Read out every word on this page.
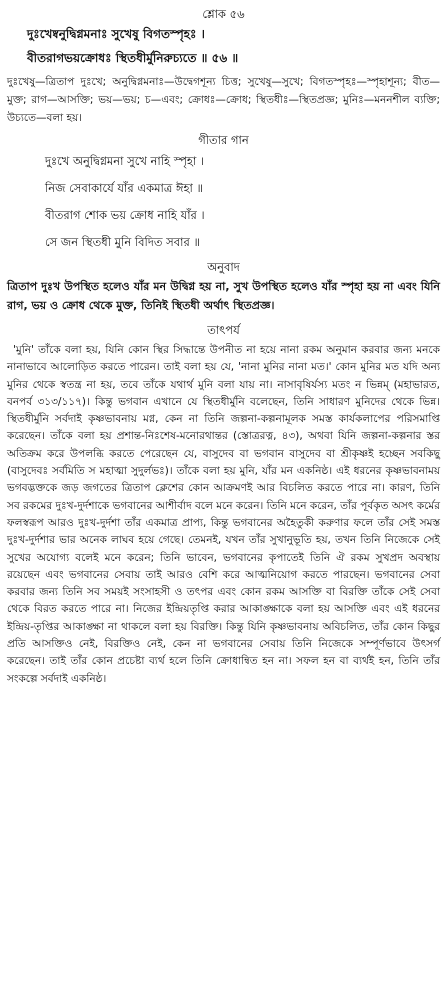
শ্লোক ৫৬
দুঃখেষ্বনুদ্বিগ্নমনাঃ সুখেষু বিগতস্পৃহঃ ।
বীতরাগভয়ক্রোধঃ স্থিতধীর্মুনিরুচ্যতে ॥ ৫৬ ॥
দুঃখেষু—ত্রিতাপ দুঃখে; অনুদ্বিগ্নমনাঃ—উদ্বেগশূন্য চিত্ত; সুখেষু—সুখে; বিগতস্পৃহঃ—স্পৃহাশূন্য; বীত—মুক্ত; রাগ—আসক্তি; ভয়—ভয়; চ—এবং; ক্রোধঃ—ক্রোধ; স্থিতধীঃ—স্থিতপ্রজ্ঞ; মুনিঃ—মননশীল ব্যক্তি; উচ্যতে—বলা হয়।
গীতার গান
দুঃখে অনুদ্বিগ্নমনা সুখে নাহি স্পৃহা ।
নিজ সেবাকার্যে যাঁর একমাত্র ঈহা ॥
বীতরাগ শোক ভয় ক্রোধ নাহি যাঁর ।
সে জন স্থিতধী মুনি বিদিত সবার ॥
অনুবাদ
ত্রিতাপ দুঃখ উপস্থিত হলেও যাঁর মন উদ্বিগ্ন হয় না, সুখ উপস্থিত হলেও যাঁর স্পৃহা হয় না এবং যিনি রাগ, ভয় ও ক্রোধ থেকে মুক্ত, তিনিই স্থিতধী অর্থাৎ স্থিতপ্রজ্ঞ।
তাৎপর্য
'মুনি' তাঁকে বলা হয়, যিনি কোন স্থির সিদ্ধান্তে উপনীত না হয়ে নানা রকম অনুমান করবার জন্য মনকে নানাভাবে আলোড়িত করতে পারেন। তাই বলা হয় যে, 'নানা মুনির নানা মত।' কোন মুনির মত যদি অন্য মুনির থেকে স্বতন্ত্র না হয়, তবে তাঁকে যথার্থ মুনি বলা যায় না। নাসাবৃষির্যস্য মতং ন ভিন্নম্ (মহাভারত, বনপর্ব ৩১৩/১১৭)। কিন্তু ভগবান এখানে যে স্থিতধীর্মুনি বলেছেন, তিনি সাধারণ মুনিদের থেকে ভিন্ন। স্থিতধীর্মুনি সর্বদাই কৃষ্ণভাবনায় মগ্ন, কেন না তিনি জল্পনা-কল্পনামূলক সমস্ত কার্যকলাপের পরিসমাপ্তি করেছেন। তাঁকে বলা হয় প্রশান্ত-নিঃশেষ-মনোরথান্তর (স্তোত্ররত্ন, ৪৩), অথবা যিনি জল্পনা-কল্পনার স্তর অতিক্রম করে উপলব্ধি করতে পেরেছেন যে, বাসুদেব বা ভগবান বাসুদেব বা শ্রীকৃষ্ণই হচ্ছেন সবকিছু (বাসুদেবঃ সর্বমিতি স মহাত্মা সুদুর্লভঃ)। তাঁকে বলা হয় মুনি, যাঁর মন একনিষ্ঠ। এই ধরনের কৃষ্ণভাবনাময় ভগবদ্ভক্তকে জড় জগতের ত্রিতাপ ক্লেশের কোন আক্রমণই আর বিচলিত করতে পারে না। কারণ, তিনি সব রকমের দুঃখ-দুর্দশাকে ভগবানের আশীর্বাদ বলে মনে করেন। তিনি মনে করেন, তাঁর পূর্বকৃত অসৎ কর্মের ফলস্বরূপ আরও দুঃখ-দুর্দশা তাঁর একমাত্র প্রাপ্য, কিন্তু ভগবানের অহৈতুকী করুণার ফলে তাঁর সেই সমস্ত দুঃখ-দুর্দশার ভার অনেক লাঘব হয়ে গেছে। তেমনই, যখন তাঁর সুখানুভূতি হয়, তখন তিনি নিজেকে সেই সুখের অযোগ্য বলেই মনে করেন; তিনি ভাবেন, ভগবানের কৃপাতেই তিনি ঐ রকম সুখপ্রদ অবস্থায় রয়েছেন এবং ভগবানের সেবায় তাই আরও বেশি করে আত্মনিয়োগ করতে পারছেন। ভগবানের সেবা করবার জন্য তিনি সব সময়ই সংসাহসী ও তৎপর এবং কোন রকম আসক্তি বা বিরক্তি তাঁকে সেই সেবা থেকে বিরত করতে পারে না। নিজের ইন্দ্রিয়তৃপ্তি করার আকাঙ্ক্ষাকে বলা হয় আসক্তি এবং এই ধরনের ইন্দ্রিয়-তৃপ্তির আকাঙ্ক্ষা না থাকলে বলা হয় বিরক্তি। কিন্তু যিনি কৃষ্ণভাবনায় অবিচলিত, তাঁর কোন কিছুর প্রতি আসক্তিও নেই, বিরক্তিও নেই, কেন না ভগবানের সেবায় তিনি নিজেকে সম্পূর্ণভাবে উৎসর্গ করেছেন। তাই তাঁর কোন প্রচেষ্টা ব্যর্থ হলে তিনি ক্রোধান্বিত হন না। সফল হন বা ব্যর্থই হন, তিনি তাঁর সংকল্পে সর্বদাই একনিষ্ঠ।
